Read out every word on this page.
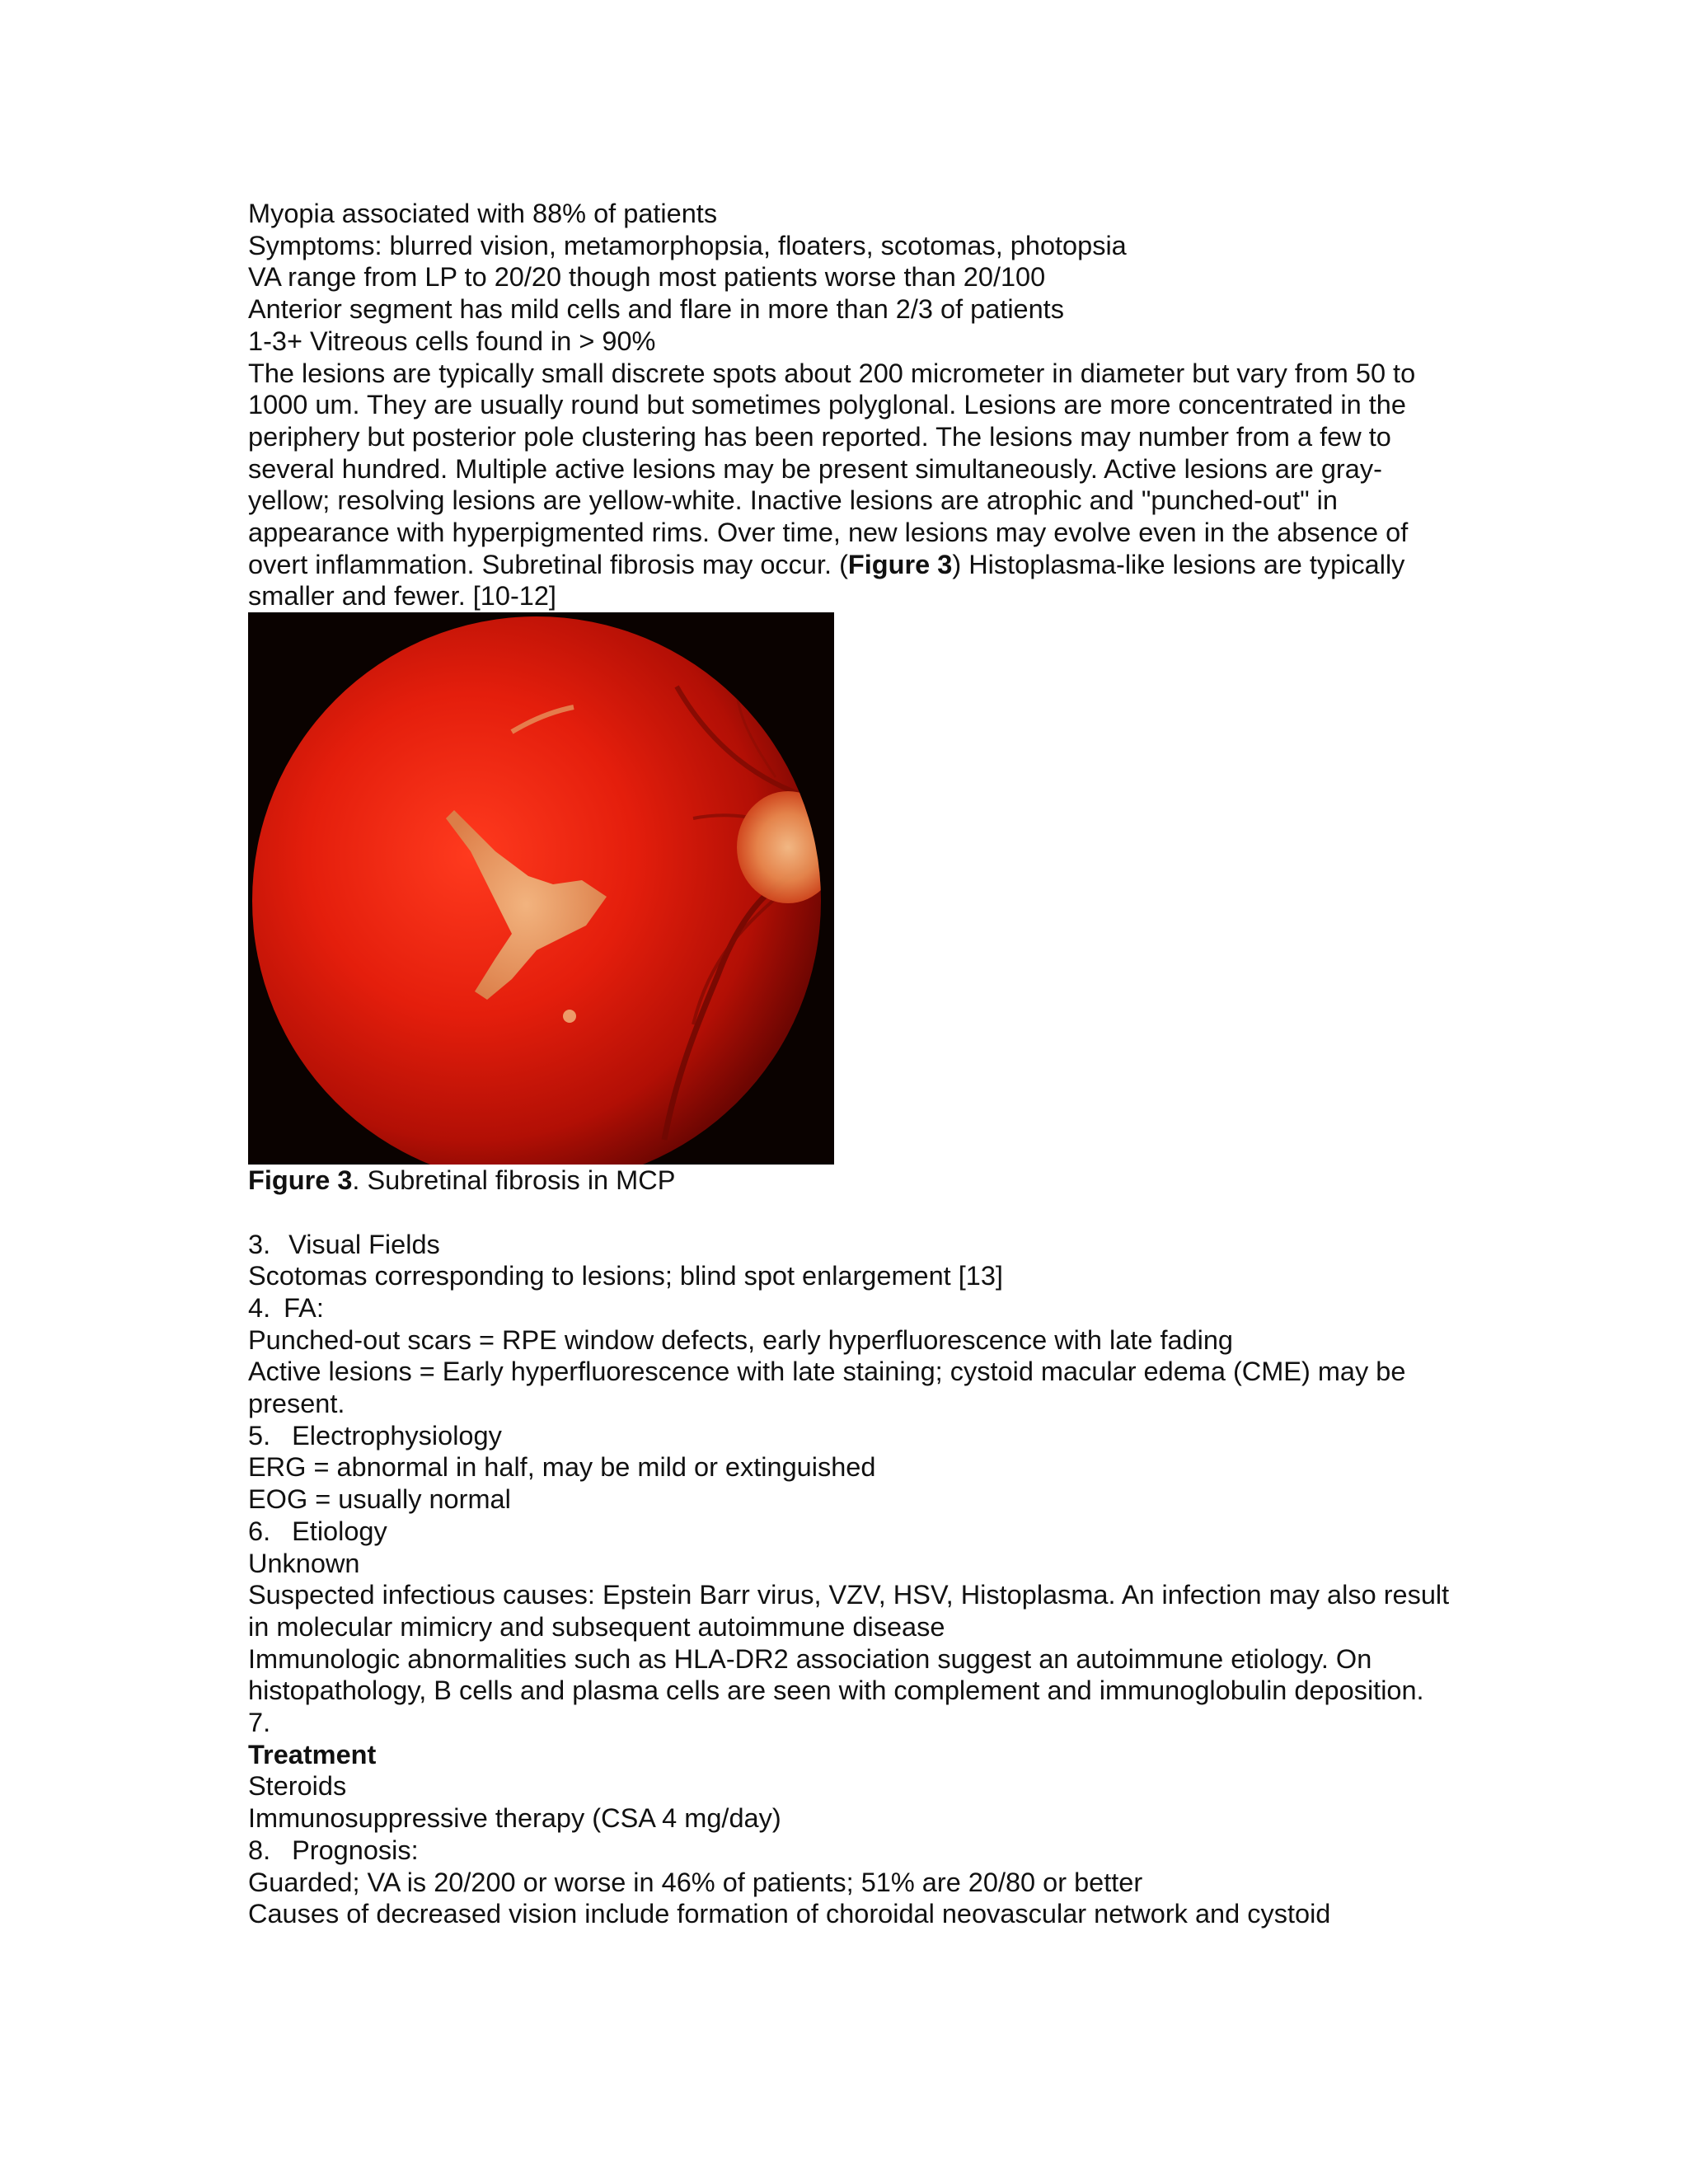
Myopia associated with 88% of patients
Symptoms: blurred vision, metamorphopsia, floaters, scotomas, photopsia
VA range from LP to 20/20 though most patients worse than 20/100
Anterior segment has mild cells and flare in more than 2/3 of patients
1-3+ Vitreous cells found in > 90%

The lesions are typically small discrete spots about 200 micrometer in diameter but vary from 50 to 1000 um. They are usually round but sometimes polyglonal. Lesions are more concentrated in the periphery but posterior pole clustering has been reported. The lesions may number from a few to several hundred. Multiple active lesions may be present simultaneously. Active lesions are gray-yellow; resolving lesions are yellow-white. Inactive lesions are atrophic and "punched-out" in appearance with hyperpigmented rims. Over time, new lesions may evolve even in the absence of overt inflammation. Subretinal fibrosis may occur. (Figure 3) Histoplasma-like lesions are typically smaller and fewer. [10-12]

Figure 3. Subretinal fibrosis in MCP
3. Visual Fields
Scotomas corresponding to lesions; blind spot enlargement [13]
4. FA:
Punched-out scars = RPE window defects, early hyperfluorescence with late fading
Active lesions = Early hyperfluorescence with late staining; cystoid macular edema (CME) may be present.
5. Electrophysiology
ERG = abnormal in half, may be mild or extinguished
EOG = usually normal
6. Etiology
Unknown
Suspected infectious causes: Epstein Barr virus, VZV, HSV, Histoplasma. An infection may also result in molecular mimicry and subsequent autoimmune disease
Immunologic abnormalities such as HLA-DR2 association suggest an autoimmune etiology. On histopathology, B cells and plasma cells are seen with complement and immunoglobulin deposition.
7.
Treatment
Steroids
Immunosuppressive therapy (CSA 4 mg/day)
8. Prognosis:
Guarded; VA is 20/200 or worse in 46% of patients; 51% are 20/80 or better
Causes of decreased vision include formation of choroidal neovascular network and cystoid
